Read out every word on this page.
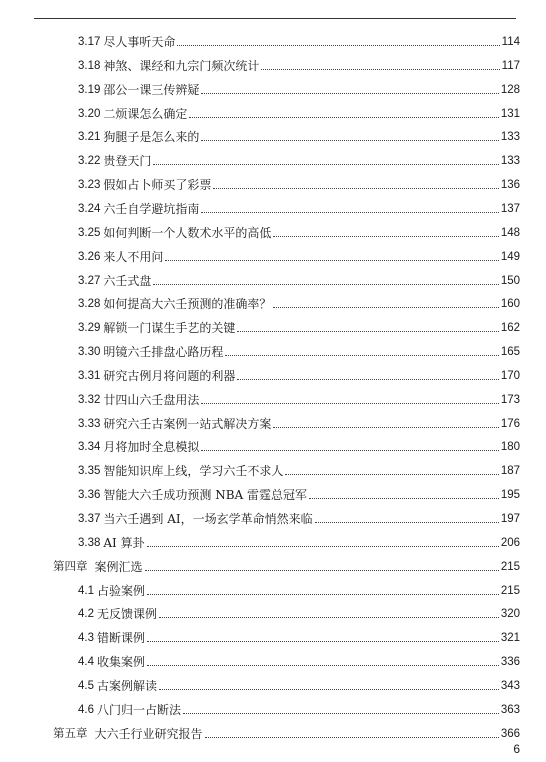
3.17 尽人事听天命	114
3.18 神煞、课经和九宗门频次统计	117
3.19 邵公一课三传辨疑	128
3.20 二烦课怎么确定	131
3.21 狗腿子是怎么来的	133
3.22 贵登天门	133
3.23 假如占卜师买了彩票	136
3.24 六壬自学避坑指南	137
3.25 如何判断一个人数术水平的高低	148
3.26 来人不用问	149
3.27 六壬式盘	150
3.28 如何提高大六壬预测的准确率？	160
3.29 解锁一门谋生手艺的关键	162
3.30 明镜六壬排盘心路历程	165
3.31 研究古例月将问题的利器	170
3.32 廿四山六壬盘用法	173
3.33 研究六壬古案例一站式解决方案	176
3.34 月将加时全息模拟	180
3.35 智能知识库上线，学习六壬不求人	187
3.36 智能大六壬成功预测 NBA 雷霆总冠军	195
3.37 当六壬遇到 AI，一场玄学革命悄然来临	197
3.38 AI 算卦	206
第四章 案例汇选	215
4.1 占验案例	215
4.2 无反馈课例	320
4.3 错断课例	321
4.4 收集案例	336
4.5 古案例解读	343
4.6 八门归一占断法	363
第五章 大六壬行业研究报告	366
6
